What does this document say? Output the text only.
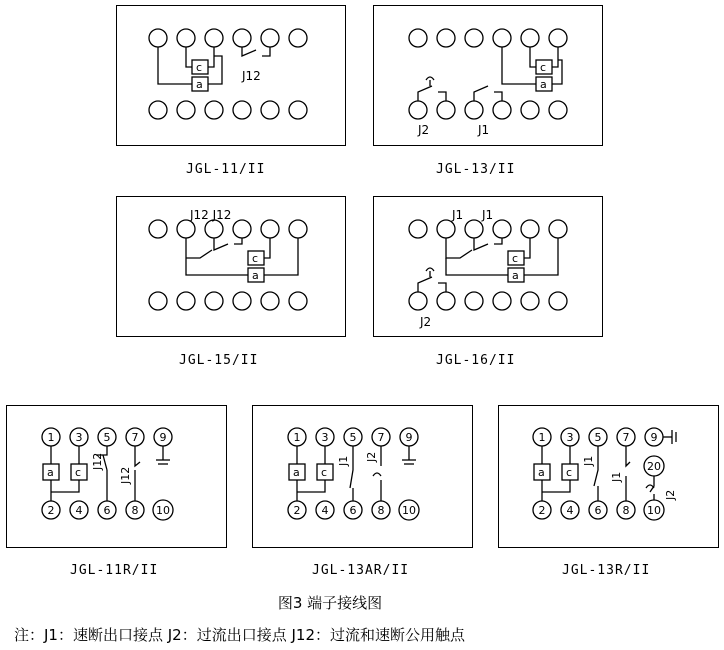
JGL-11/II	JGL-13/II
JGL-15/II	JGL-16/II
JGL-11R/II	JGL-13AR/II	JGL-13R/II
图3 端子接线图
注：J1：速断出口接点 J2：过流出口接点 J12：过流和速断公用触点
c
a
J12
c
a
J2	J1
J12 J12
c
a
J1 J1
c
a
J2
1 3 5 7 9
2 4 6 8 10
a c
J12
J12
1 3 5 7 9
2 4 6 8 10
a c
J1 J2
1 3 5 7 9
20
2 4 6 8 10
a c
J1
J1
J2
